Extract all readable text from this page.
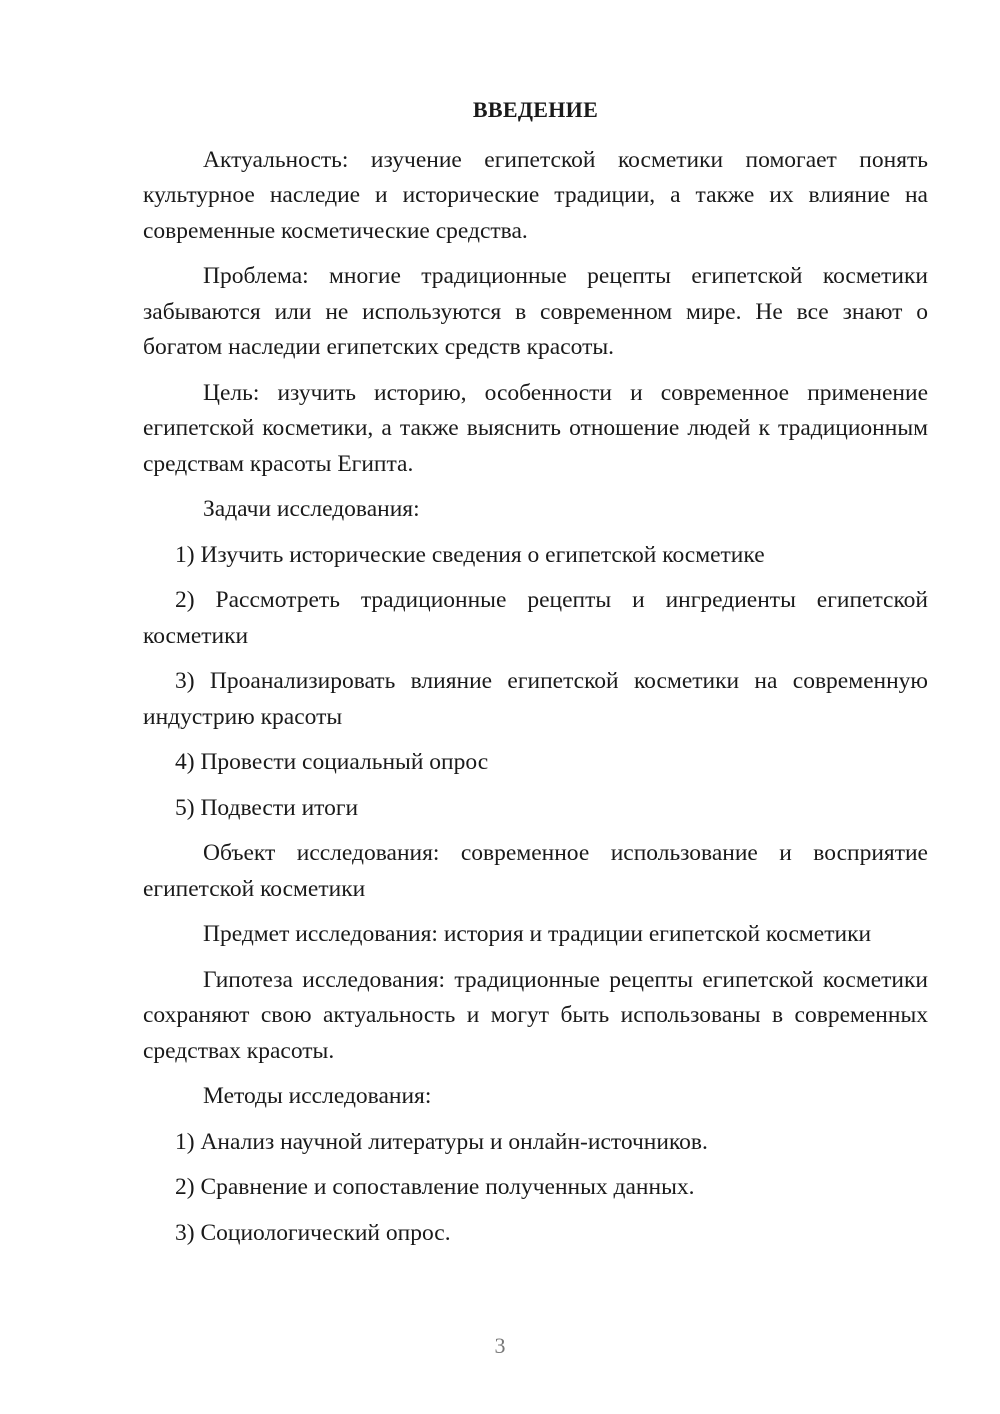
ВВЕДЕНИЕ

Актуальность: изучение египетской косметики помогает понять культурное наследие и исторические традиции, а также их влияние на современные косметические средства.

Проблема: многие традиционные рецепты египетской косметики забываются или не используются в современном мире. Не все знают о богатом наследии египетских средств красоты.

Цель: изучить историю, особенности и современное применение египетской косметики, а также выяснить отношение людей к традиционным средствам красоты Египта.

Задачи исследования:

1) Изучить исторические сведения о египетской косметике

2) Рассмотреть традиционные рецепты и ингредиенты египетской косметики

3) Проанализировать влияние египетской косметики на современную индустрию красоты

4) Провести социальный опрос

5) Подвести итоги

Объект исследования: современное использование и восприятие египетской косметики

Предмет исследования: история и традиции египетской косметики

Гипотеза исследования: традиционные рецепты египетской косметики сохраняют свою актуальность и могут быть использованы в современных средствах красоты.

Методы исследования:

1) Анализ научной литературы и онлайн-источников.

2) Сравнение и сопоставление полученных данных.

3) Социологический опрос.

3
